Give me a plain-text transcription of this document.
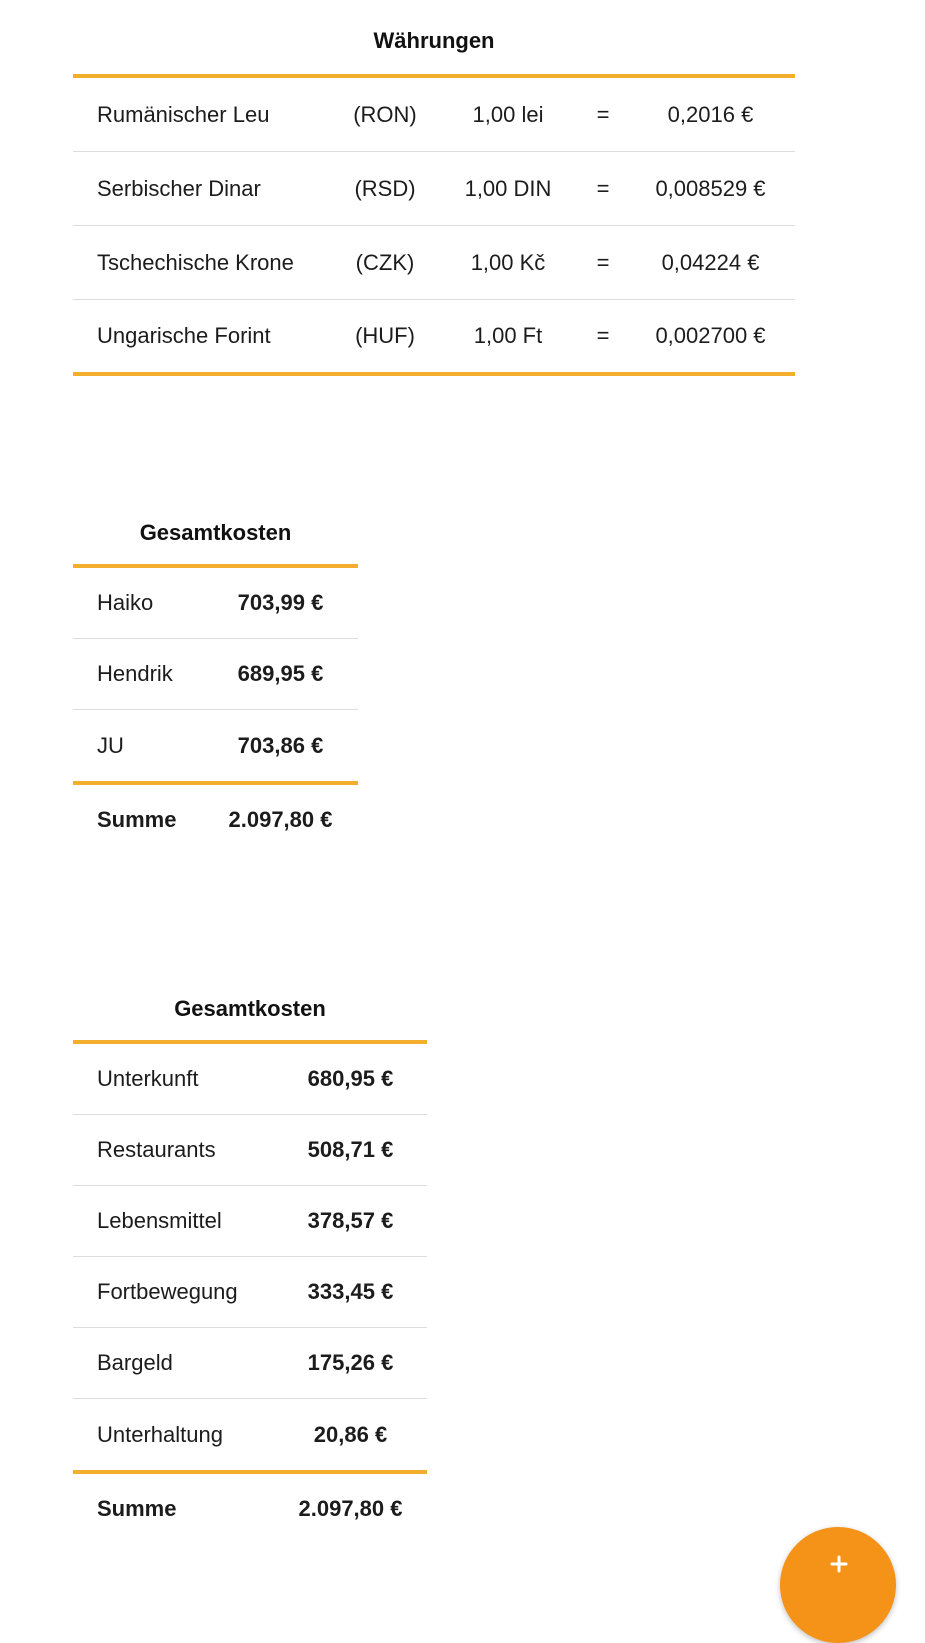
Währungen
Rumänischer Leu	(RON)	1,00 lei	=	0,2016 €
Serbischer Dinar	(RSD)	1,00 DIN	=	0,008529 €
Tschechische Krone	(CZK)	1,00 Kč	=	0,04224 €
Ungarische Forint	(HUF)	1,00 Ft	=	0,002700 €
Gesamtkosten
Haiko	703,99 €
Hendrik	689,95 €
JU	703,86 €
Summe	2.097,80 €
Gesamtkosten
Unterkunft	680,95 €
Restaurants	508,71 €
Lebensmittel	378,57 €
Fortbewegung	333,45 €
Bargeld	175,26 €
Unterhaltung	20,86 €
Summe	2.097,80 €
